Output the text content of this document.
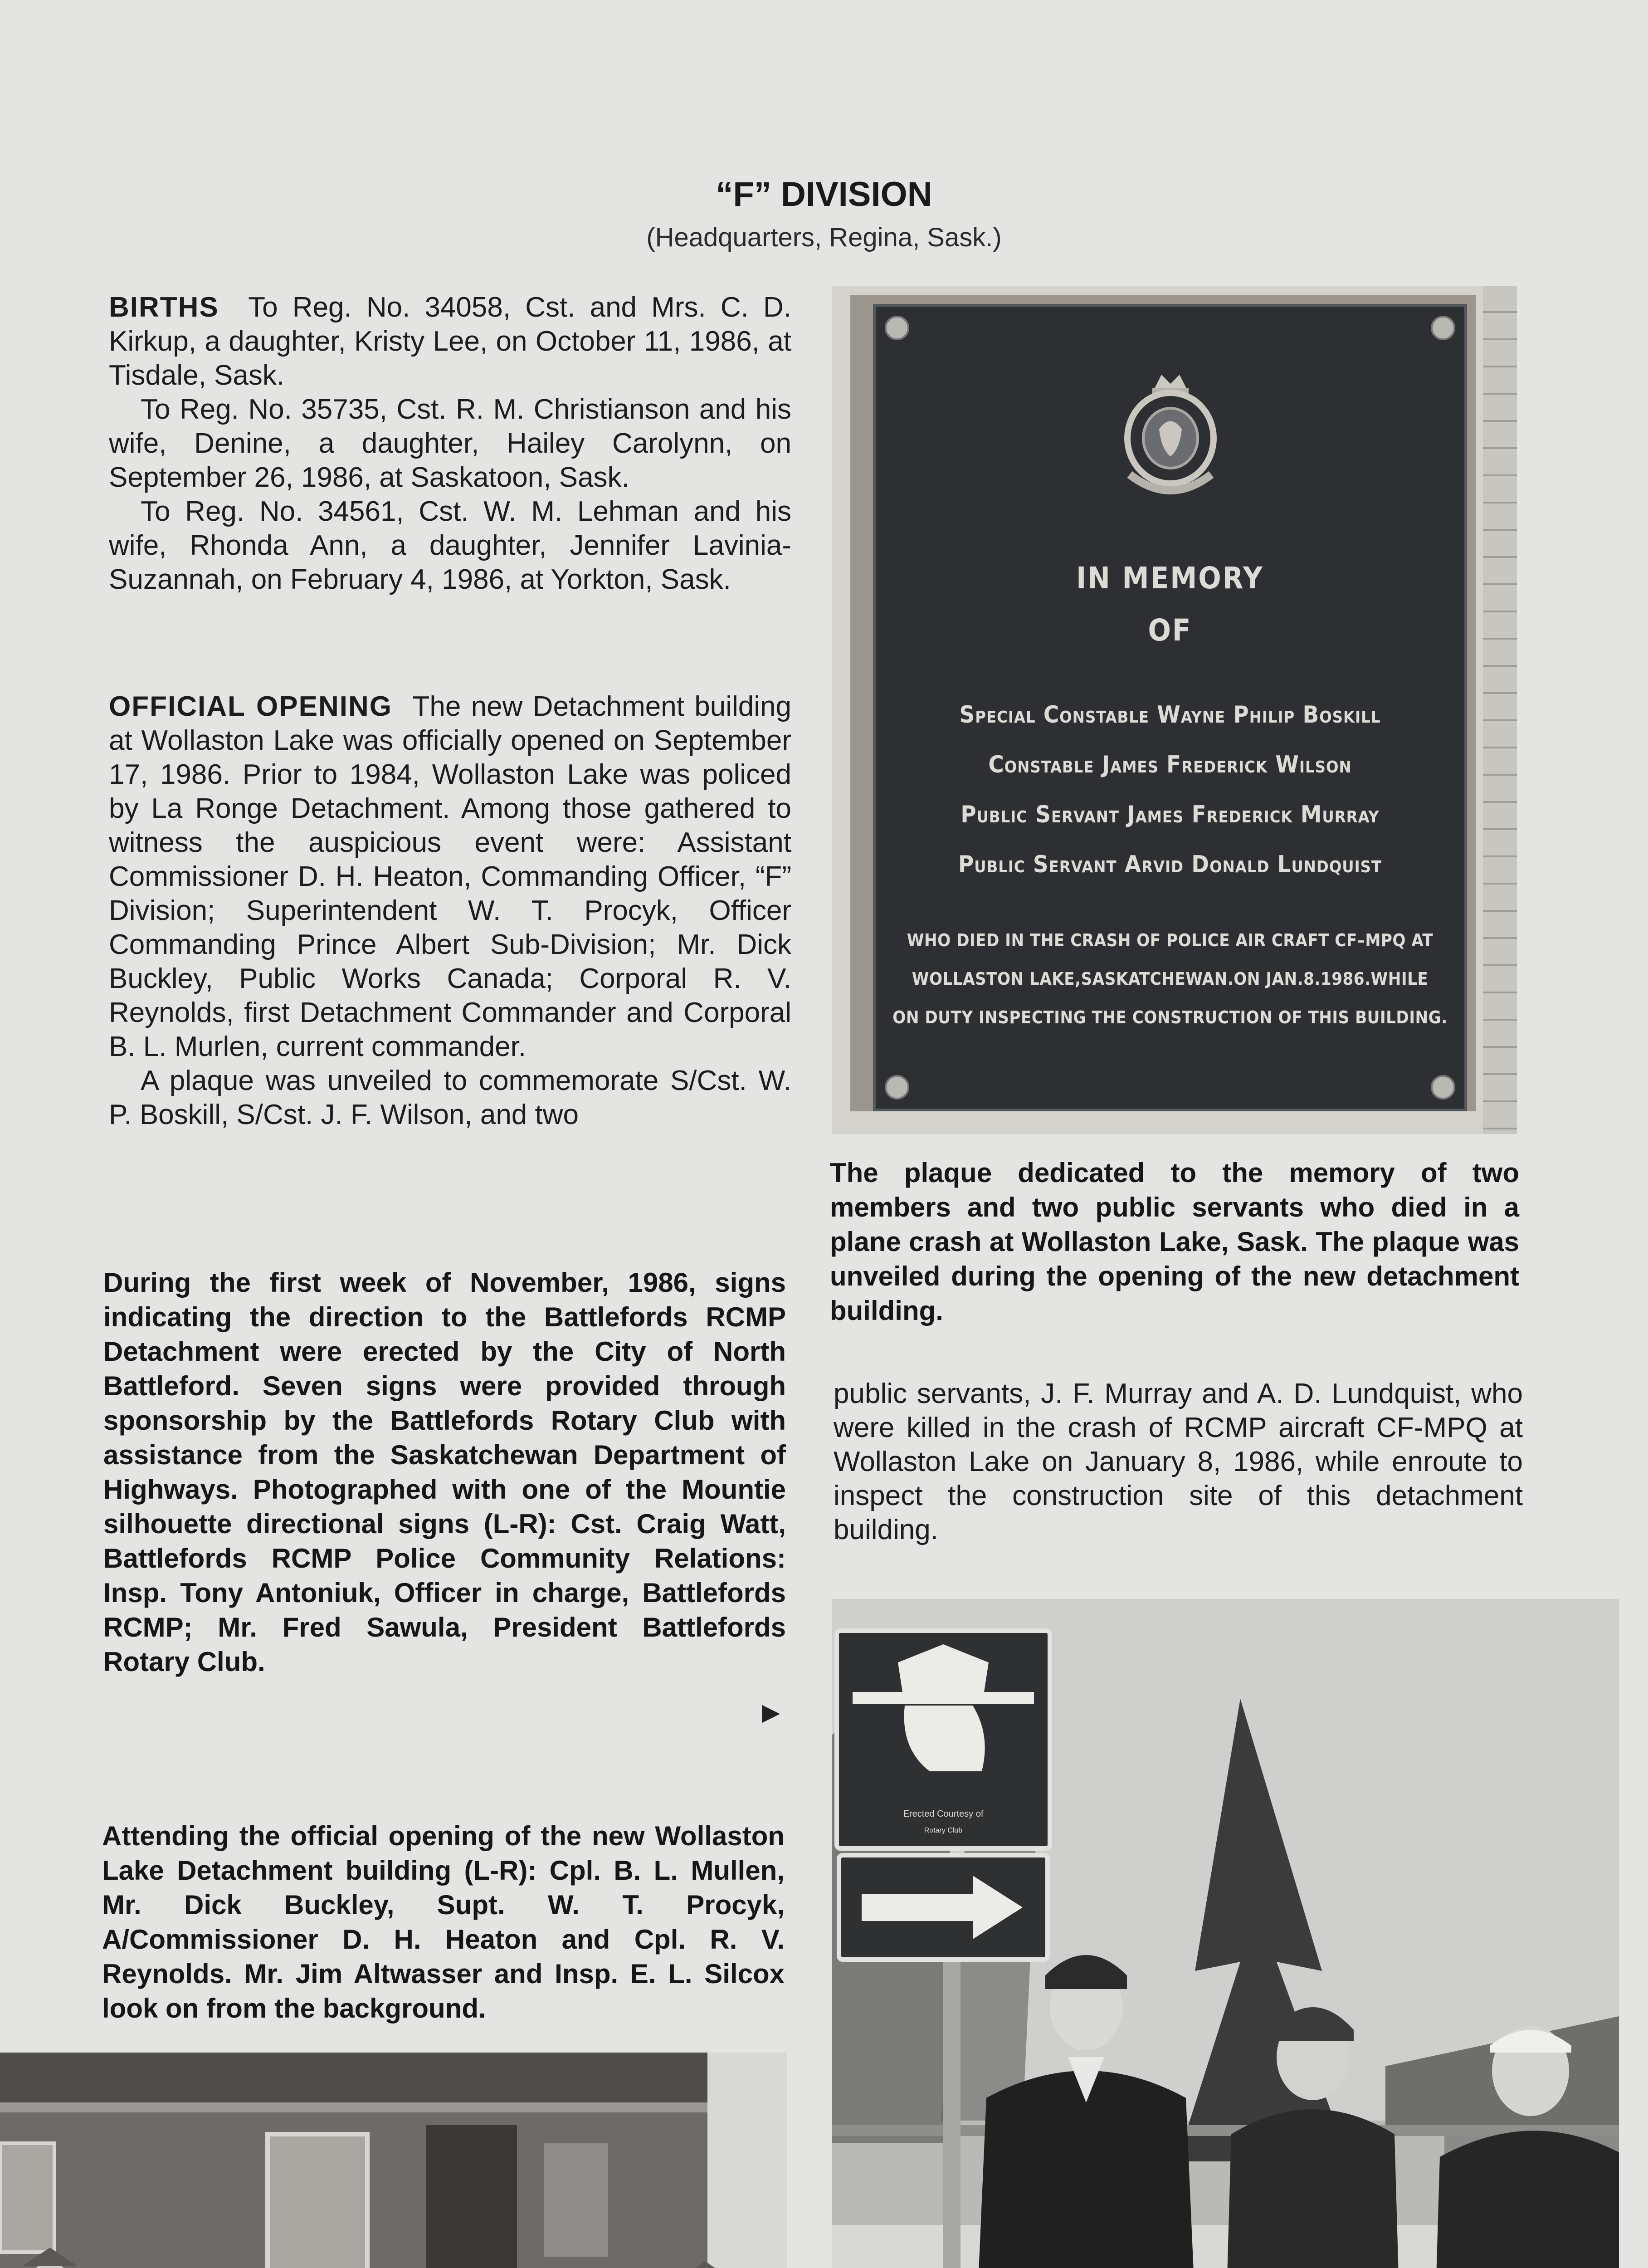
“F” DIVISION
(Headquarters, Regina, Sask.)

BIRTHS To Reg. No. 34058, Cst. and Mrs. C. D. Kirkup, a daughter, Kristy Lee, on October 11, 1986, at Tisdale, Sask.

To Reg. No. 35735, Cst. R. M. Christianson and his wife, Denine, a daughter, Hailey Carolynn, on September 26, 1986, at Saskatoon, Sask.

To Reg. No. 34561, Cst. W. M. Lehman and his wife, Rhonda Ann, a daughter, Jennifer Lavinia-Suzannah, on February 4, 1986, at Yorkton, Sask.

OFFICIAL OPENING The new Detachment building at Wollaston Lake was officially opened on September 17, 1986. Prior to 1984, Wollaston Lake was policed by La Ronge Detachment. Among those gathered to witness the auspicious event were: Assistant Commissioner D. H. Heaton, Commanding Officer, “F” Division; Superintendent W. T. Procyk, Officer Commanding Prince Albert Sub-Division; Mr. Dick Buckley, Public Works Canada; Corporal R. V. Reynolds, first Detachment Commander and Corporal B. L. Murlen, current commander.

A plaque was unveiled to commemorate S/Cst. W. P. Boskill, S/Cst. J. F. Wilson, and two

During the first week of November, 1986, signs indicating the direction to the Battlefords RCMP Detachment were erected by the City of North Battleford. Seven signs were provided through sponsorship by the Battlefords Rotary Club with assistance from the Saskatchewan Department of Highways. Photographed with one of the Mountie silhouette directional signs (L-R): Cst. Craig Watt, Battlefords RCMP Police Community Relations: Insp. Tony Antoniuk, Officer in charge, Battlefords RCMP; Mr. Fred Sawula, President Battlefords Rotary Club.
▶
Attending the official opening of the new Wollaston Lake Detachment building (L-R): Cpl. B. L. Mullen, Mr. Dick Buckley, Supt. W. T. Procyk, A/Commissioner D. H. Heaton and Cpl. R. V. Reynolds. Mr. Jim Altwasser and Insp. E. L. Silcox look on from the background.
IN MEMORY
OF
Special Constable Wayne Philip Boskill
Constable James Frederick Wilson
Public Servant James Frederick Murray
Public Servant Arvid Donald Lundquist
WHO DIED IN THE CRASH OF POLICE AIR CRAFT CF–MPQ AT
WOLLASTON LAKE,SASKATCHEWAN.ON JAN.8.1986.WHILE
ON DUTY INSPECTING THE CONSTRUCTION OF THIS BUILDING.
The plaque dedicated to the memory of two members and two public servants who died in a plane crash at Wollaston Lake, Sask. The plaque was unveiled during the opening of the new detachment building.
public servants, J. F. Murray and A. D. Lundquist, who were killed in the crash of RCMP aircraft CF-MPQ at Wollaston Lake on January 8, 1986, while enroute to inspect the construction site of this detachment building.
Erected Courtesy of
Rotary Club
